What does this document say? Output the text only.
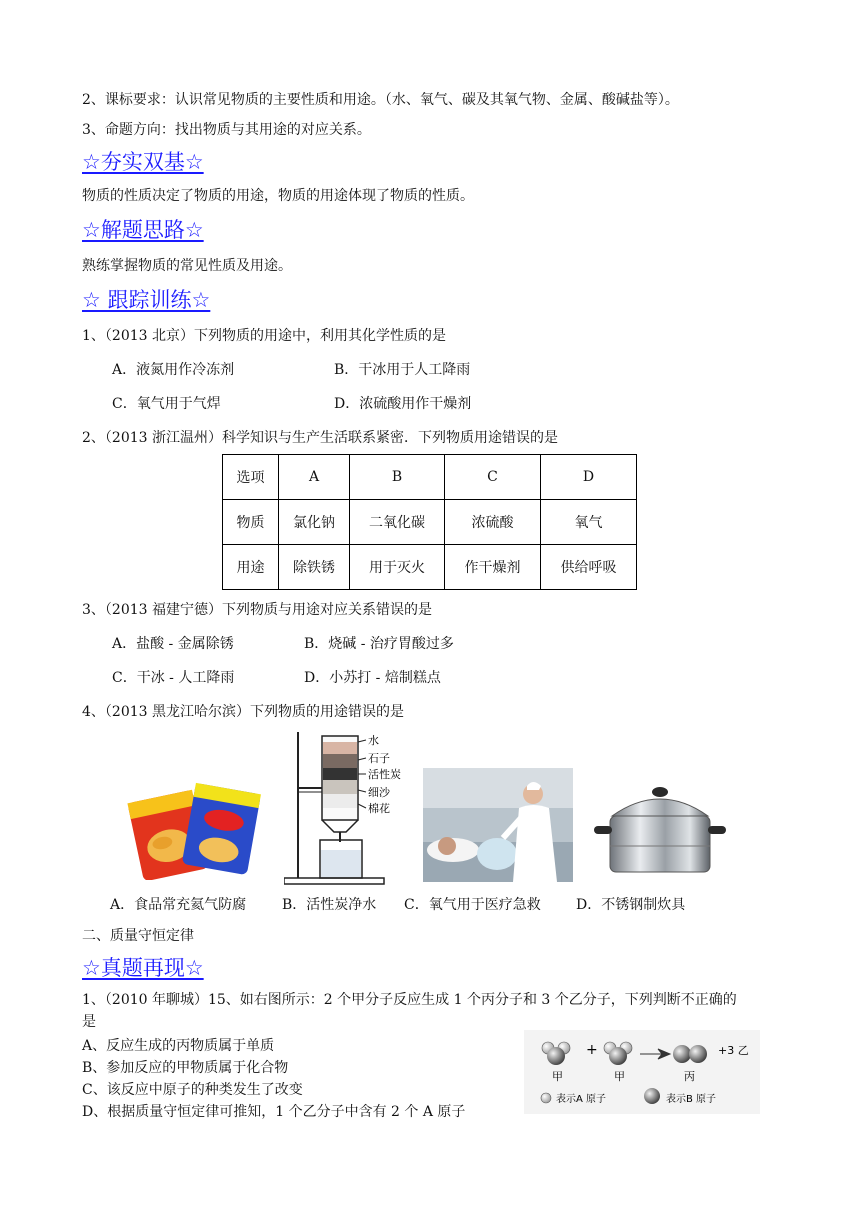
2、课标要求：认识常见物质的主要性质和用途。（水、氧气、碳及其氧气物、金属、酸碱盐等）。
3、命题方向：找出物质与其用途的对应关系。
☆夯实双基☆
物质的性质决定了物质的用途，物质的用途体现了物质的性质。
☆解题思路☆
熟练掌握物质的常见性质及用途。
☆ 跟踪训练☆
1、（2013 北京）下列物质的用途中，利用其化学性质的是
A．液氮用作冷冻剂	B．干冰用于人工降雨
C．氧气用于气焊	D．浓硫酸用作干燥剂
2、（2013 浙江温州）科学知识与生产生活联系紧密．下列物质用途错误的是
选项	A	B	C	D
物质	氯化钠	二氧化碳	浓硫酸	氧气
用途	除铁锈	用于灭火	作干燥剂	供给呼吸
3、（2013 福建宁德）下列物质与用途对应关系错误的是
A．盐酸 - 金属除锈	B．烧碱 - 治疗胃酸过多
C．干冰 - 人工降雨	D．小苏打 - 焙制糕点
4、（2013 黑龙江哈尔滨）下列物质的用途错误的是
水
石子
活性炭
细沙
棉花
A．食品常充氦气防腐	B．活性炭净水 C．氧气用于医疗急救	D．不锈钢制炊具
二、质量守恒定律
☆真题再现☆
1、（2010 年聊城）15、如右图所示：2 个甲分子反应生成 1 个丙分子和 3 个乙分子，下列判断不正确的
是
A、反应生成的丙物质属于单质
B、参加反应的甲物质属于化合物
C、该反应中原子的种类发生了改变
D、根据质量守恒定律可推知，1 个乙分子中含有 2 个 A 原子
+	+3 乙
甲	甲	丙
表示A 原子	表示B 原子
